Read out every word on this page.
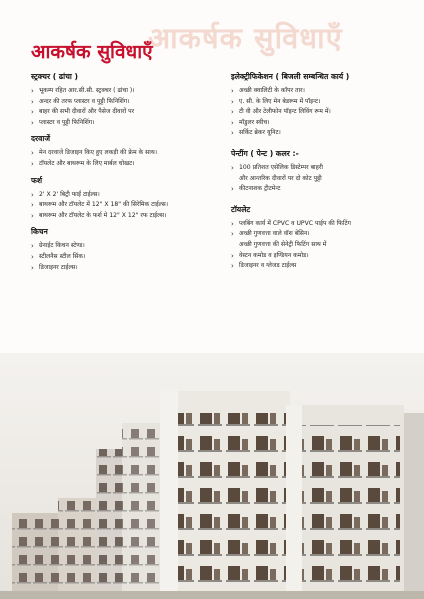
आकर्षक सुविधाएँ
आकर्षक सुविधाएँ
स्ट्रक्चर ( ढांचा )
› भूकम्प रहित आर.सी.सी. स्ट्रक्चर ( ढांचा )।
› अन्दर की तरफ प्लास्टर व पुट्टी फिनिशिंग।
› बाहर की सभी दीवारों और पैसेज दीवारों पर
› प्लास्टर व पुट्टी फिनिशिंग।
दरवाजें
› मेन दरवाजे डिजाइन किए हुए लकड़ी की फ्रेम के साथ।
› टॉयलेट और बाथरूम के लिए मार्बल चोखट।
फर्श
› 2' X 2' बिट्री फाईं टाईल्स।
› बाथरूम और टॉयलेट में 12" X 18" की सिरेमिक टाईल्स।
› बाथरूम और टॉयलेट के फर्श मे 12" X 12" रफ टाईल्स।
किचन
› ग्रेनाईट किचन स्टेण्ड।
› स्टीलनैस स्टील सिंक।
› डिजाइनर टाईल्स।
इलेक्ट्रीफिकेशन ( बिजली सम्बन्धित कार्य )
› अच्छी क्वालिटी के कॉपर तार।
› ए. सी. के लिए मेन बेडरूम में पॉइन्ट।
› टी वी और टेलीफोन पॉइन्ट लिविंग रूम में।
› मॉडुलर स्वीच।
› सर्किट ब्रेकर यूनिट।
पेन्टींग ( पेन्ट ) कलर :-
› 100 प्रतिशत एसेलिक डिस्टेम्पर बाहरी
और आन्तरिक दीवारों पर दो कोट पुट्टी
› कीटनाशक ट्रीटमेन्ट
टॉयलेट
› प्लबिंग कार्य में CPVC व UPVC पाईप की फिटिंग
› अच्छी गुणवत्ता वाले वॉश बेसिन।
अच्छी गुणवत्ता की सेनेट्री फिटिंग साथ में
› वेस्टन कमोड व इण्डियन कमोड।
› डिजाइनर व ग्लेजड टाईल्स
